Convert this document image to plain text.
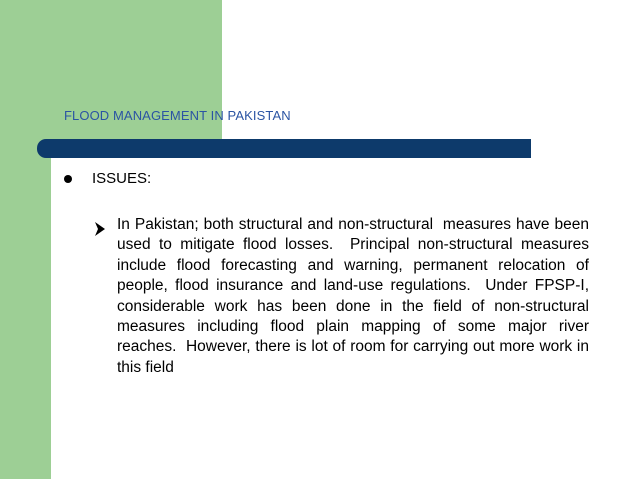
FLOOD MANAGEMENT IN PAKISTAN
ISSUES:
In Pakistan; both structural and non-structural  measures have been used to mitigate flood losses.  Principal non-structural measures include flood forecasting and warning, permanent relocation of people, flood insurance and land-use regulations.  Under FPSP-I, considerable work has been done in the field of non-structural measures including flood plain mapping of some major river reaches.  However, there is lot of room for carrying out more work in this field
